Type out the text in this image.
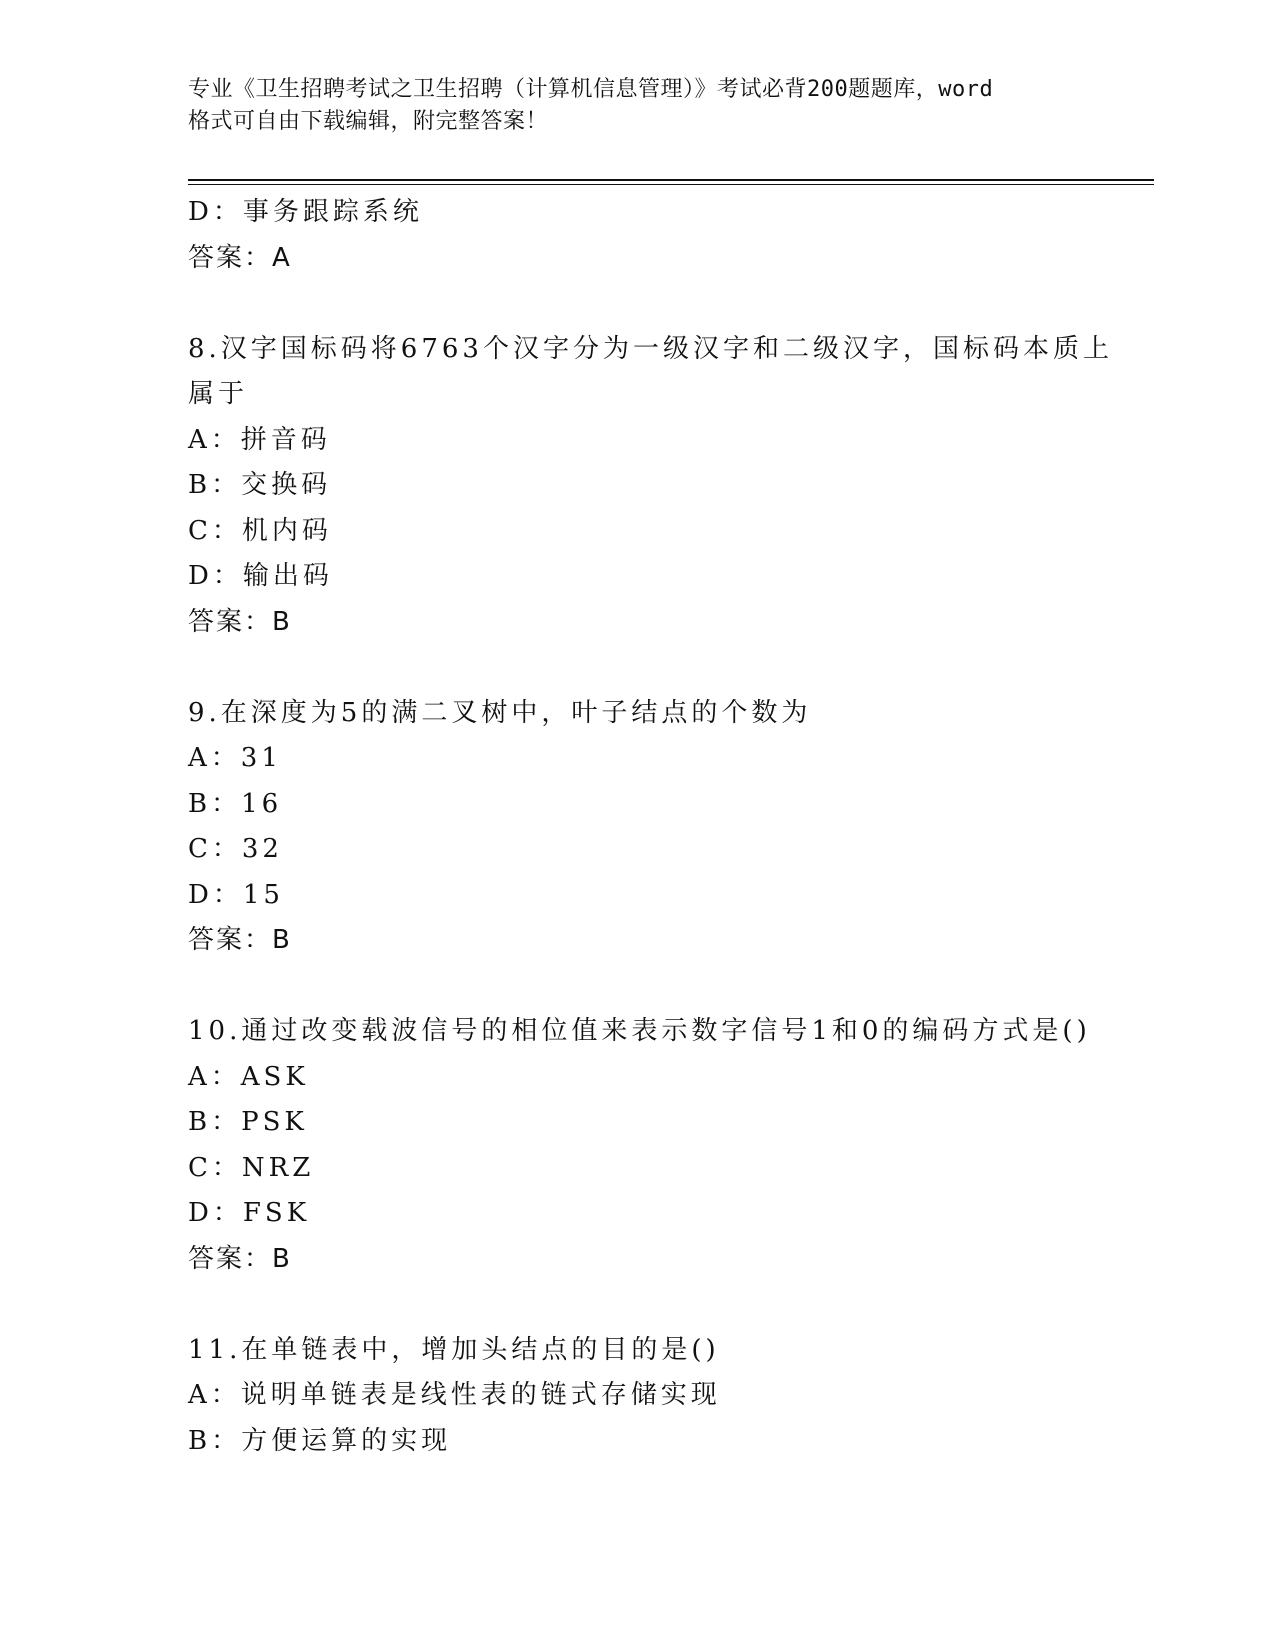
专业《卫生招聘考试之卫生招聘（计算机信息管理）》考试必背200题题库，word
格式可自由下载编辑，附完整答案！
D：事务跟踪系统
答案：A
8.汉字国标码将6763个汉字分为一级汉字和二级汉字，国标码本质上
属于
A：拼音码
B：交换码
C：机内码
D：输出码
答案：B
9.在深度为5的满二叉树中，叶子结点的个数为
A：31
B：16
C：32
D：15
答案：B
10.通过改变载波信号的相位值来表示数字信号1和0的编码方式是()
A：ASK
B：PSK
C：NRZ
D：FSK
答案：B
11.在单链表中，增加头结点的目的是()
A：说明单链表是线性表的链式存储实现
B：方便运算的实现
